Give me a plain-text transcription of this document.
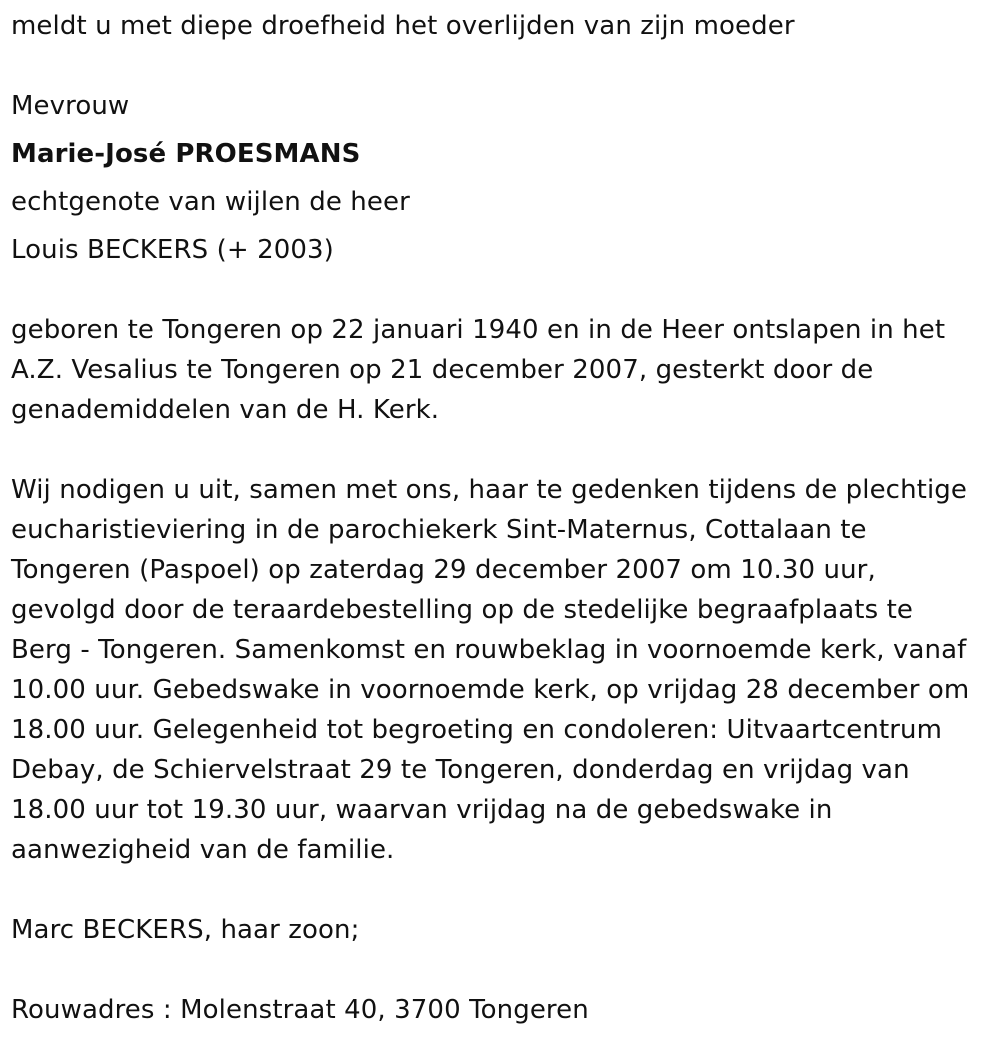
meldt u met diepe droefheid het overlijden van zijn moeder

Mevrouw

Marie-José PROESMANS

echtgenote van wijlen de heer

Louis BECKERS (+ 2003)

geboren te Tongeren op 22 januari 1940 en in de Heer ontslapen in het

A.Z. Vesalius te Tongeren op 21 december 2007, gesterkt door de

genademiddelen van de H. Kerk.

Wij nodigen u uit, samen met ons, haar te gedenken tijdens de plechtige

eucharistieviering in de parochiekerk Sint-Maternus, Cottalaan te

Tongeren (Paspoel) op zaterdag 29 december 2007 om 10.30 uur,

gevolgd door de teraardebestelling op de stedelijke begraafplaats te

Berg - Tongeren. Samenkomst en rouwbeklag in voornoemde kerk, vanaf

10.00 uur. Gebedswake in voornoemde kerk, op vrijdag 28 december om

18.00 uur. Gelegenheid tot begroeting en condoleren: Uitvaartcentrum

Debay, de Schiervelstraat 29 te Tongeren, donderdag en vrijdag van

18.00 uur tot 19.30 uur, waarvan vrijdag na de gebedswake in

aanwezigheid van de familie.

Marc BECKERS, haar zoon;

Rouwadres : Molenstraat 40, 3700 Tongeren
